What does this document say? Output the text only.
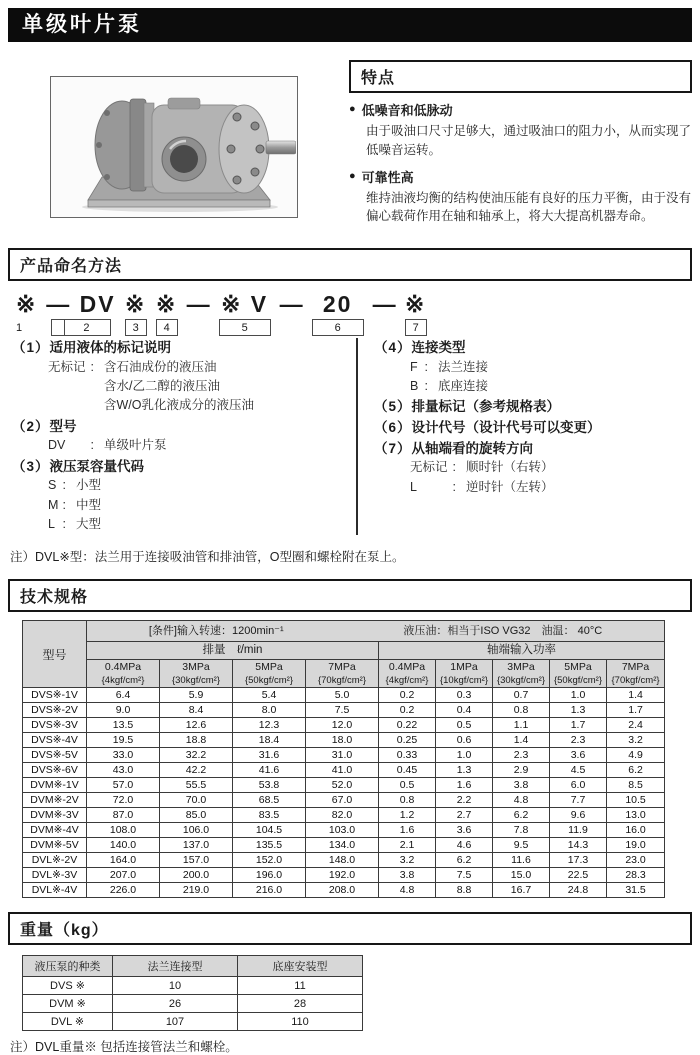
单级叶片泵
特点
● 低噪音和低脉动
由于吸油口尺寸足够大，通过吸油口的阻力小，从而实现了低噪音运转。
● 可靠性高
维持油液均衡的结构使油压能有良好的压力平衡，由于没有偏心载荷作用在轴和轴承上，将大大提高机器寿命。
产品命名方法
※
1
— DV
2
※
3
※
4
— ※ V
5
— 20
6
— ※
7
（1）适用液体的标记说明
无标记 : 含石油成份的液压油
含水/乙二醇的液压油
含W/O乳化液成分的液压油
（2）型号
DV : 单级叶片泵
（3）液压泵容量代码
S : 小型
M : 中型
L : 大型
（4）连接类型
F : 法兰连接
B : 底座连接
（5）排量标记（参考规格表）
（6）设计代号（设计代号可以变更）
（7）从轴端看的旋转方向
无标记 : 顺时针（右转）
L	: 逆时针（左转）

注）DVL※型：法兰用于连接吸油管和排油管，O型圈和螺栓附在泵上。

技术规格
型号	[条件]输入转速：1200min⁻¹ 液压油：相当于ISO VG32　油温： 40°C								

	排量　ℓ/min				轴端输入功率				

0.4MPa
{4kgf/cm²}

3MPa
{30kgf/cm²}

5MPa
{50kgf/cm²}

7MPa
{70kgf/cm²}

0.4MPa
{4kgf/cm²}

1MPa
{10kgf/cm²}

3MPa
{30kgf/cm²}

5MPa
{50kgf/cm²}

7MPa
{70kgf/cm²}

DVS※-1V	6.4	5.9	5.4	5.0	0.2	0.3	0.7	1.0	1.4
DVS※-2V	9.0	8.4	8.0	7.5	0.2	0.4	0.8	1.3	1.7
DVS※-3V	13.5	12.6	12.3	12.0	0.22	0.5	1.1	1.7	2.4
DVS※-4V	19.5	18.8	18.4	18.0	0.25	0.6	1.4	2.3	3.2
DVS※-5V	33.0	32.2	31.6	31.0	0.33	1.0	2.3	3.6	4.9
DVS※-6V	43.0	42.2	41.6	41.0	0.45	1.3	2.9	4.5	6.2
DVM※-1V	57.0	55.5	53.8	52.0	0.5	1.6	3.8	6.0	8.5
DVM※-2V	72.0	70.0	68.5	67.0	0.8	2.2	4.8	7.7	10.5
DVM※-3V	87.0	85.0	83.5	82.0	1.2	2.7	6.2	9.6	13.0
DVM※-4V	108.0	106.0	104.5	103.0	1.6	3.6	7.8	11.9	16.0
DVM※-5V	140.0	137.0	135.5	134.0	2.1	4.6	9.5	14.3	19.0
DVL※-2V	164.0	157.0	152.0	148.0	3.2	6.2	11.6	17.3	23.0
DVL※-3V	207.0	200.0	196.0	192.0	3.8	7.5	15.0	22.5	28.3
DVL※-4V	226.0	219.0	216.0	208.0	4.8	8.8	16.7	24.8	31.5
重量（kg）
液压泵的种类	法兰连接型	底座安装型
DVS ※	10	11
DVM ※	26	28
DVL ※	107	110

注）DVL重量※ 包括连接管法兰和螺栓。
